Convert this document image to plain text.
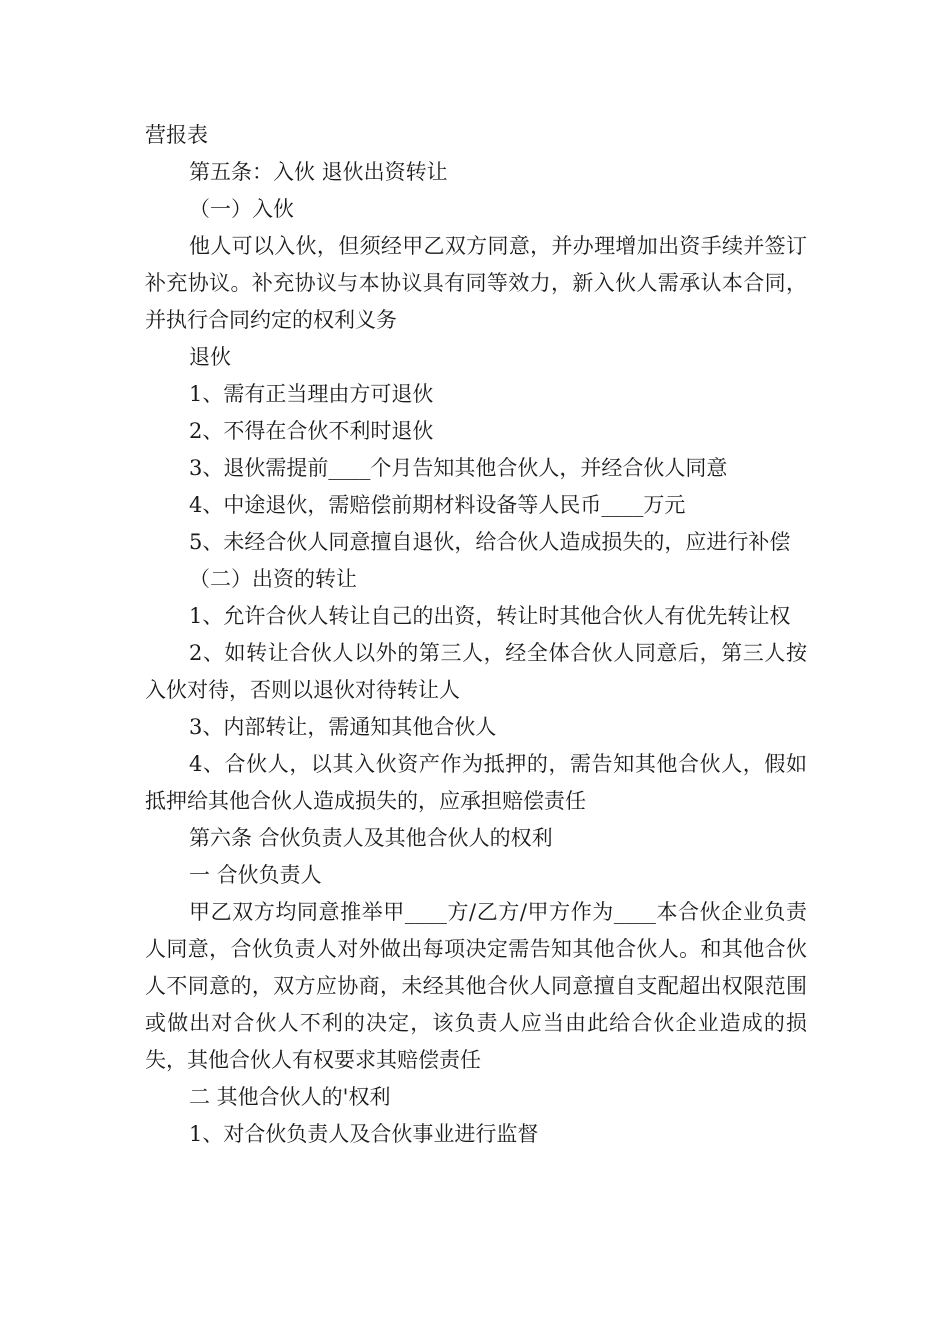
营报表

第五条：入伙 退伙出资转让

（一）入伙

他人可以入伙，但须经甲乙双方同意，并办理增加出资手续并签订补充协议。补充协议与本协议具有同等效力，新入伙人需承认本合同，并执行合同约定的权利义务

退伙

1、需有正当理由方可退伙

2、不得在合伙不利时退伙

3、退伙需提前____个月告知其他合伙人，并经合伙人同意

4、中途退伙，需赔偿前期材料设备等人民币____万元

5、未经合伙人同意擅自退伙，给合伙人造成损失的，应进行补偿

（二）出资的转让

1、允许合伙人转让自己的出资，转让时其他合伙人有优先转让权

2、如转让合伙人以外的第三人，经全体合伙人同意后，第三人按入伙对待，否则以退伙对待转让人

3、内部转让，需通知其他合伙人

4、合伙人，以其入伙资产作为抵押的，需告知其他合伙人，假如抵押给其他合伙人造成损失的，应承担赔偿责任

第六条 合伙负责人及其他合伙人的权利

一 合伙负责人

甲乙双方均同意推举甲____方/乙方/甲方作为____本合伙企业负责人同意，合伙负责人对外做出每项决定需告知其他合伙人。和其他合伙人不同意的，双方应协商，未经其他合伙人同意擅自支配超出权限范围或做出对合伙人不利的决定，该负责人应当由此给合伙企业造成的损失，其他合伙人有权要求其赔偿责任

二 其他合伙人的'权利

1、对合伙负责人及合伙事业进行监督
